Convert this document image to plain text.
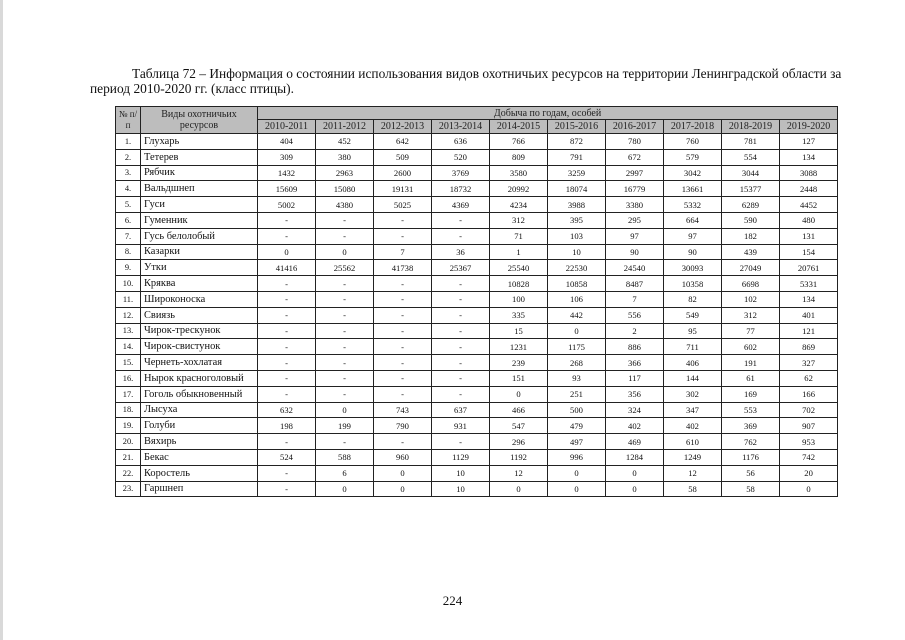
Таблица 72 – Информация о состоянии использования видов охотничьих ресурсов на территории Ленинградской области за период 2010-2020 гг. (класс птицы).
№ п/п	Виды охотничьих ресурсов	Добыча по годам, особей									
		2010-2011	2011-2012	2012-2013	2013-2014	2014-2015	2015-2016	2016-2017	2017-2018	2018-2019	2019-2020
1.	Глухарь	404	452	642	636	766	872	780	760	781	127
2.	Тетерев	309	380	509	520	809	791	672	579	554	134
3.	Рябчик	1432	2963	2600	3769	3580	3259	2997	3042	3044	3088
4.	Вальдшнеп	15609	15080	19131	18732	20992	18074	16779	13661	15377	2448
5.	Гуси	5002	4380	5025	4369	4234	3988	3380	5332	6289	4452
6.	Гуменник	-	-	-	-	312	395	295	664	590	480
7.	Гусь белолобый	-	-	-	-	71	103	97	97	182	131
8.	Казарки	0	0	7	36	1	10	90	90	439	154
9.	Утки	41416	25562	41738	25367	25540	22530	24540	30093	27049	20761
10.	Кряква	-	-	-	-	10828	10858	8487	10358	6698	5331
11.	Широконоска	-	-	-	-	100	106	7	82	102	134
12.	Свиязь	-	-	-	-	335	442	556	549	312	401
13.	Чирок-трескунок	-	-	-	-	15	0	2	95	77	121
14.	Чирок-свистунок	-	-	-	-	1231	1175	886	711	602	869
15.	Чернеть-хохлатая	-	-	-	-	239	268	366	406	191	327
16.	Нырок красноголовый	-	-	-	-	151	93	117	144	61	62
17.	Гоголь обыкновенный	-	-	-	-	0	251	356	302	169	166
18.	Лысуха	632	0	743	637	466	500	324	347	553	702
19.	Голуби	198	199	790	931	547	479	402	402	369	907
20.	Вяхирь	-	-	-	-	296	497	469	610	762	953
21.	Бекас	524	588	960	1129	1192	996	1284	1249	1176	742
22.	Коростель	-	6	0	10	12	0	0	12	56	20
23.	Гаршнеп	-	0	0	10	0	0	0	58	58	0
224
